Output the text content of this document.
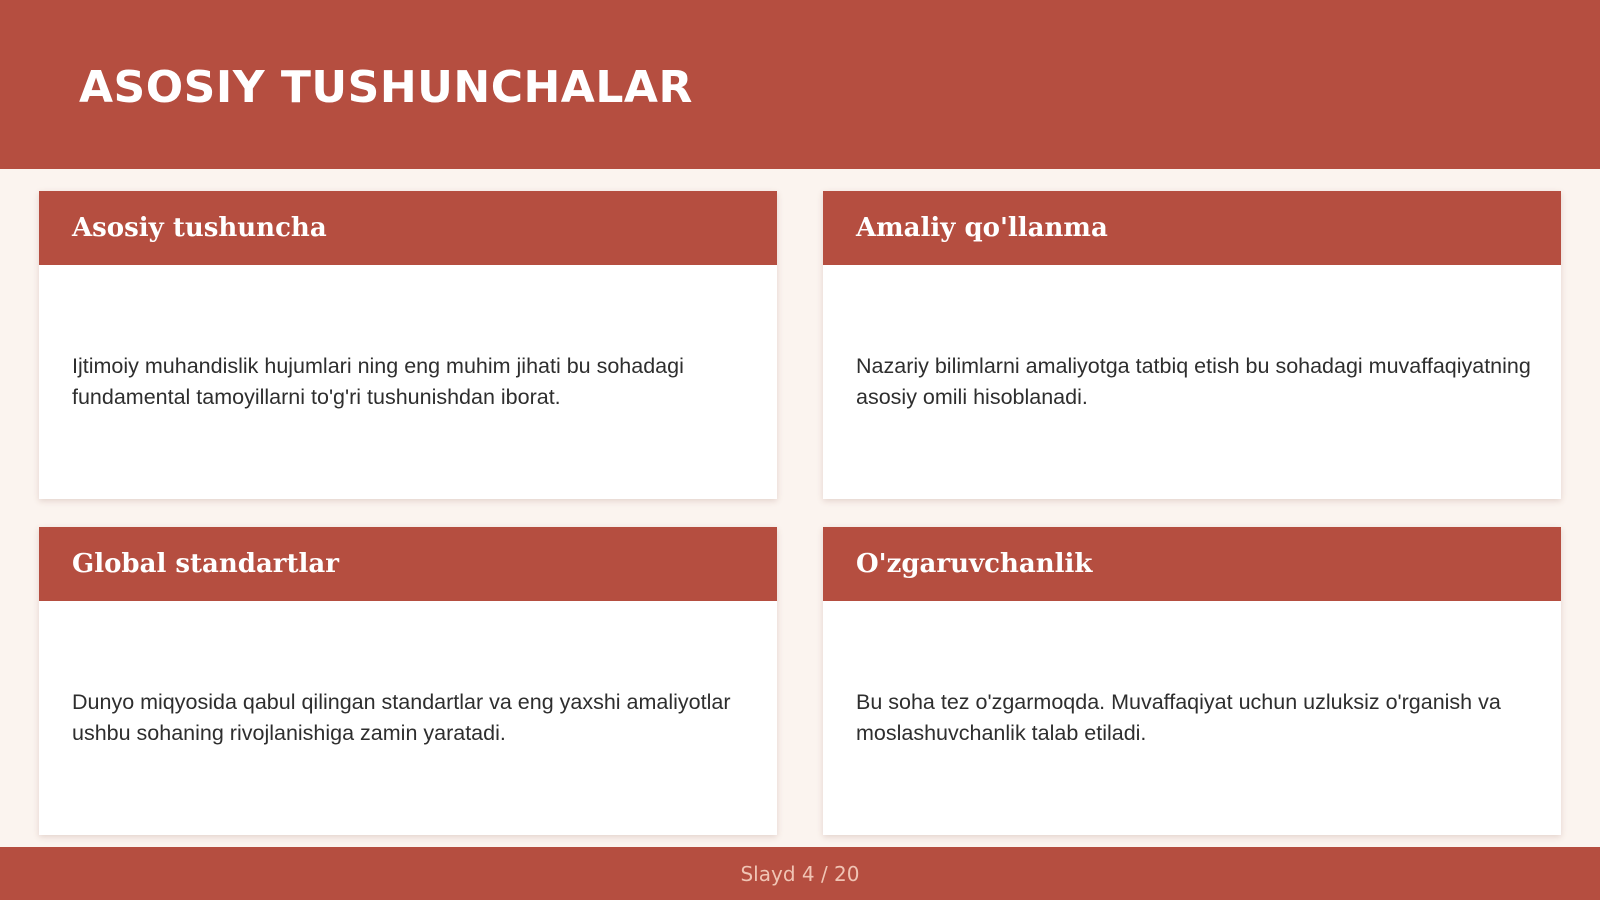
ASOSIY TUSHUNCHALAR
Asosiy tushuncha

Ijtimoiy muhandislik hujumlari ning eng muhim jihati bu sohadagi fundamental tamoyillarni to'g'ri tushunishdan iborat.

Amaliy qo'llanma

Nazariy bilimlarni amaliyotga tatbiq etish bu sohadagi muvaffaqiyatning asosiy omili hisoblanadi.

Global standartlar

Dunyo miqyosida qabul qilingan standartlar va eng yaxshi amaliyotlar ushbu sohaning rivojlanishiga zamin yaratadi.

O'zgaruvchanlik

Bu soha tez o'zgarmoqda. Muvaffaqiyat uchun uzluksiz o'rganish va moslashuvchanlik talab etiladi.

Slayd 4 / 20
